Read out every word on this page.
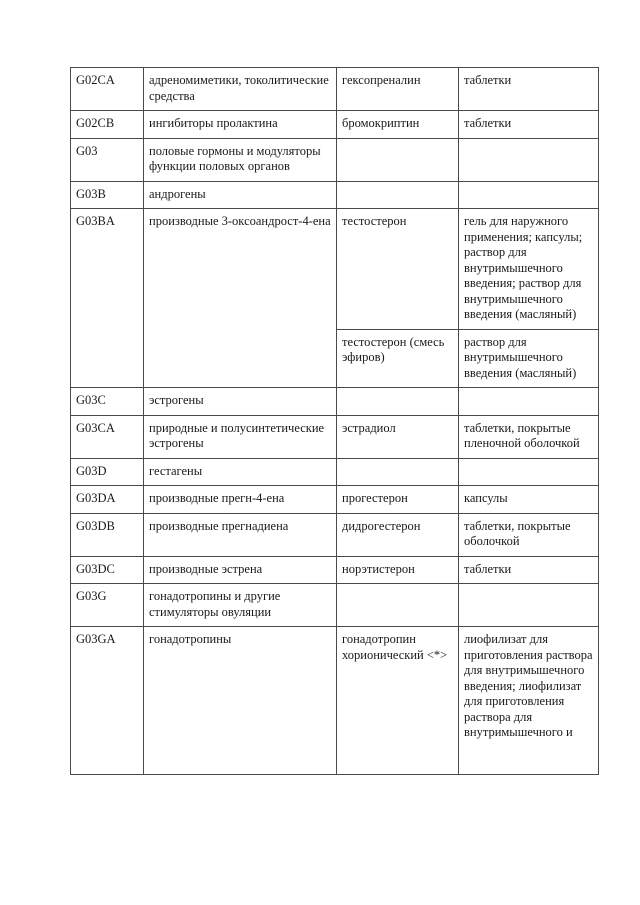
G02CA	адреномиметики, токолитические средства	гексопреналин	таблетки
G02CB	ингибиторы пролактина	бромокриптин	таблетки
G03	половые гормоны и модуляторы функции половых органов		
G03B	андрогены		
G03BA	производные 3-оксоандрост-4-ена	тестостерон	гель для наружного применения; капсулы; раствор для внутримышечного введения; раствор для внутримышечного введения (масляный)
		тестостерон (смесь эфиров)	раствор для внутримышечного введения (масляный)
G03C	эстрогены		
G03CA	природные и полусинтетические эстрогены	эстрадиол	таблетки, покрытые пленочной оболочкой
G03D	гестагены		
G03DA	производные прегн-4-ена	прогестерон	капсулы
G03DB	производные прегнадиена	дидрогестерон	таблетки, покрытые оболочкой
G03DC	производные эстрена	норэтистерон	таблетки
G03G	гонадотропины и другие стимуляторы овуляции		
G03GA	гонадотропины	гонадотропин хорионический <*>	лиофилизат для приготовления раствора для внутримышечного введения; лиофилизат для приготовления раствора для внутримышечного и
